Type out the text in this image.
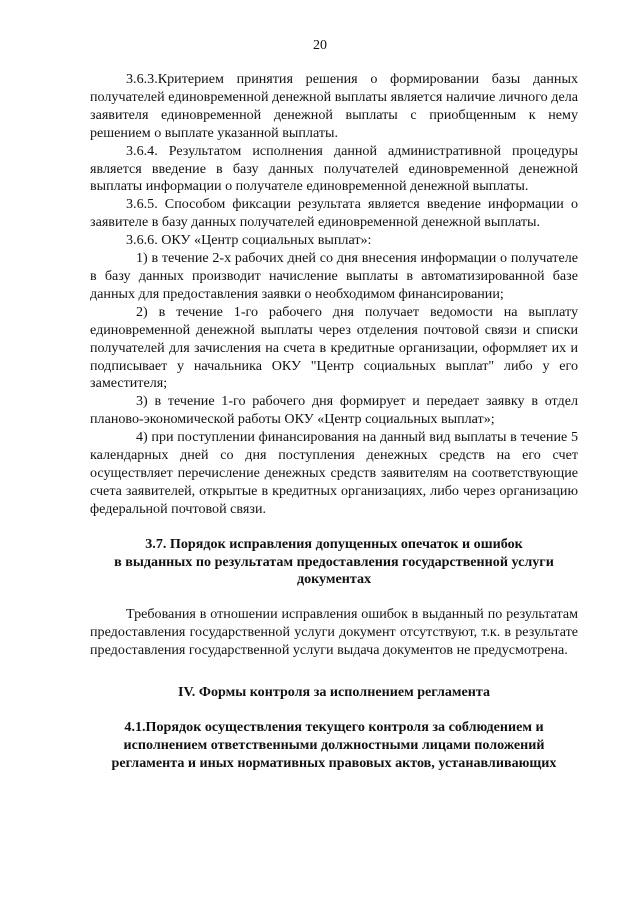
20

3.6.3.Критерием принятия решения о формировании базы данных получателей единовременной денежной выплаты является наличие личного дела заявителя единовременной денежной выплаты с приобщенным к нему решением о выплате указанной выплаты.

3.6.4. Результатом исполнения данной административной процедуры является введение в базу данных получателей единовременной денежной выплаты информации о получателе единовременной денежной выплаты.

3.6.5. Способом фиксации результата является введение информации о заявителе в базу данных получателей единовременной денежной выплаты.

3.6.6. ОКУ «Центр социальных выплат»:

1) в течение 2-х рабочих дней со дня внесения информации о получателе в базу данных производит начисление выплаты в автоматизированной базе данных для предоставления заявки о необходимом финансировании;

2) в течение 1-го рабочего дня получает ведомости на выплату единовременной денежной выплаты через отделения почтовой связи и списки получателей для зачисления на счета в кредитные организации, оформляет их и подписывает у начальника ОКУ "Центр социальных выплат" либо у его заместителя;

3) в течение 1-го рабочего дня формирует и передает заявку в отдел планово-экономической работы ОКУ «Центр социальных выплат»;

4) при поступлении финансирования на данный вид выплаты в течение 5 календарных дней со дня поступления денежных средств на его счет осуществляет перечисление денежных средств заявителям на соответствующие счета заявителей, открытые в кредитных организациях, либо через организацию федеральной почтовой связи.

3.7. Порядок исправления допущенных опечаток и ошибок
в выданных по результатам предоставления государственной услуги
документах

Требования в отношении исправления ошибок в выданный по результатам предоставления государственной услуги документ отсутствуют, т.к. в результате предоставления государственной услуги выдача документов не предусмотрена.

IV. Формы контроля за исполнением регламента
4.1.Порядок осуществления текущего контроля за соблюдением и
исполнением ответственными должностными лицами положений
регламента и иных нормативных правовых актов, устанавливающих
